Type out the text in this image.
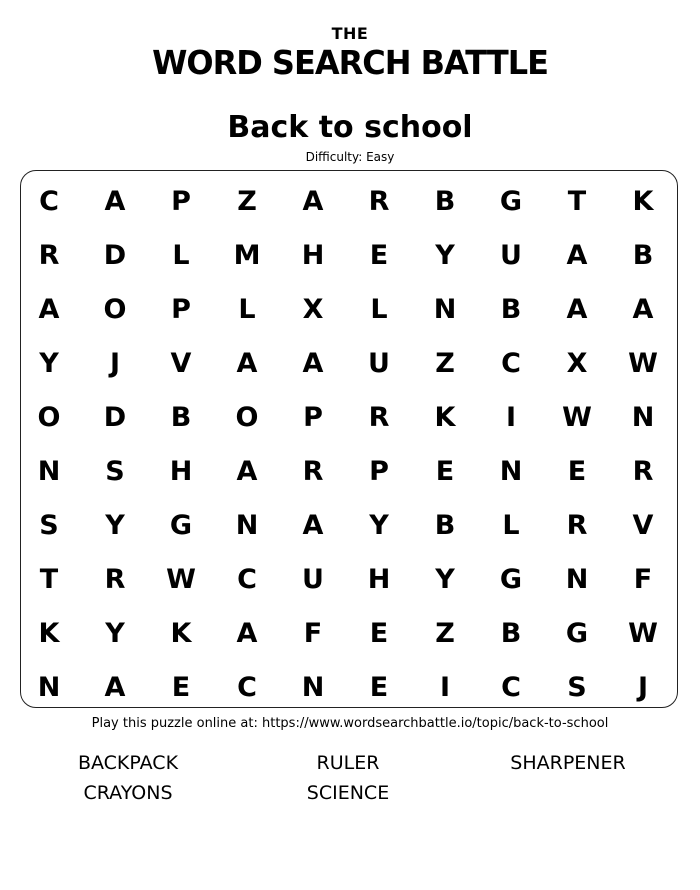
THE
WORD SEARCH BATTLE
Back to school
Difficulty: Easy
C	A	P	Z	A	R	B	G	T	K
R	D	L	M	H	E	Y	U	A	B
A	O	P	L	X	L	N	B	A	A
Y	J	V	A	A	U	Z	C	X	W
O	D	B	O	P	R	K	I	W	N
N	S	H	A	R	P	E	N	E	R
S	Y	G	N	A	Y	B	L	R	V
T	R	W	C	U	H	Y	G	N	F
K	Y	K	A	F	E	Z	B	G	W
N	A	E	C	N	E	I	C	S	J
Play this puzzle online at: https://www.wordsearchbattle.io/topic/back-to-school
BACKPACK	RULER	SHARPENER
CRAYONS	SCIENCE
